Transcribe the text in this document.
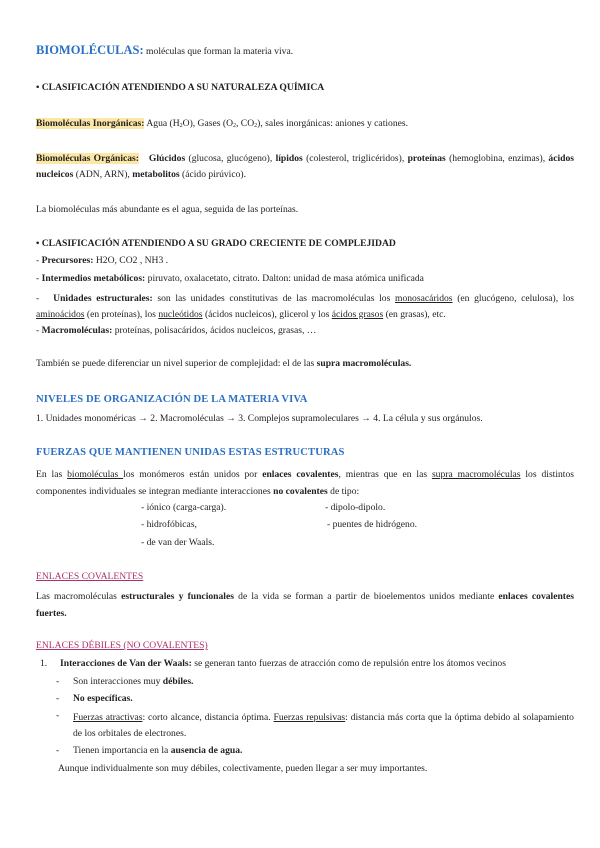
BIOMOLÉCULAS: moléculas que forman la materia viva.
• CLASIFICACIÓN ATENDIENDO A SU NATURALEZA QUÍMICA
Biomoléculas Inorgánicas: Agua $(H_2O)$, Gases ($O_2$, $CO_2$), sales inorgánicas: aniones y cationes.
Biomoléculas Orgánicas: Glúcidos (glucosa, glucógeno), lípidos (colesterol, triglicéridos), proteínas (hemoglobina, enzimas), ácidos nucleicos (ADN, ARN), metabolitos (ácido pirúvico).
La biomoléculas más abundante es el agua, seguida de las porteínas.
• CLASIFICACIÓN ATENDIENDO A SU GRADO CRECIENTE DE COMPLEJIDAD
- Precursores: H2O, CO2 , NH3 .
- Intermedios metabólicos: piruvato, oxalacetato, citrato. Dalton: unidad de masa atómica unificada
-   Unidades estructurales: son las unidades constitutivas de las macromoléculas los monosacáridos (en glucógeno, celulosa), los aminoácidos (en proteínas), los nucleótidos (ácidos nucleicos), glicerol y los ácidos grasos (en grasas), etc.
- Macromoléculas: proteínas, polisacáridos, ácidos nucleicos, grasas, …
También se puede diferenciar un nivel superior de complejidad: el de las supra macromoléculas.
NIVELES DE ORGANIZACIÓN DE LA MATERIA VIVA
1. Unidades monoméricas → 2. Macromoléculas → 3. Complejos supramoleculares → 4. La célula y sus orgánulos.
FUERZAS QUE MANTIENEN UNIDAS ESTAS ESTRUCTURAS
En las biomoléculas los monómeros están unidos por enlaces covalentes, mientras que en las supra macromoléculas los distintos componentes individuales se integran mediante interacciones no covalentes de tipo:
- iónico (carga-carga).	- dipolo-dipolo.
- hidrofóbicas,	- puentes de hidrógeno.
- de van der Waals.
ENLACES COVALENTES
Las macromoléculas estructurales y funcionales de la vida se forman a partir de bioelementos unidos mediante enlaces covalentes fuertes.
ENLACES DÉBILES (NO COVALENTES)
1. Interacciones de Van der Waals: se generan tanto fuerzas de atracción como de repulsión entre los átomos vecinos
- Son interacciones muy débiles.
- No específicas.
- Fuerzas atractivas: corto alcance, distancia óptima. Fuerzas repulsivas: distancia más corta que la óptima debido al solapamiento de los orbitales de electrones.
- Tienen importancia en la ausencia de agua.
Aunque individualmente son muy débiles, colectivamente, pueden llegar a ser muy importantes.
